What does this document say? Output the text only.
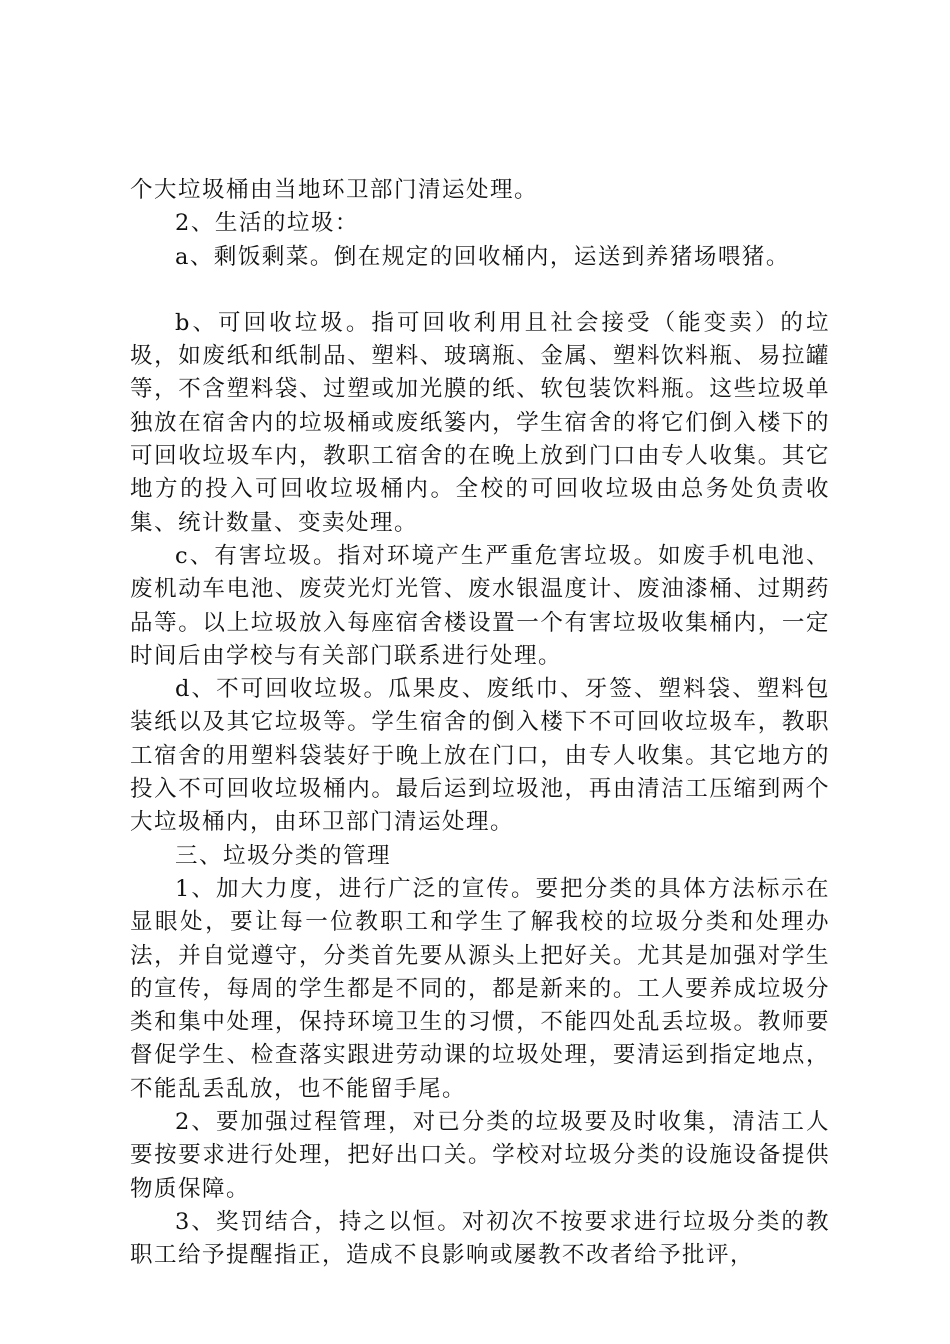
个大垃圾桶由当地环卫部门清运处理。

2、生活的垃圾：

a、剩饭剩菜。倒在规定的回收桶内，运送到养猪场喂猪。

b、可回收垃圾。指可回收利用且社会接受（能变卖）的垃圾，如废纸和纸制品、塑料、玻璃瓶、金属、塑料饮料瓶、易拉罐等，不含塑料袋、过塑或加光膜的纸、软包装饮料瓶。这些垃圾单独放在宿舍内的垃圾桶或废纸篓内，学生宿舍的将它们倒入楼下的可回收垃圾车内，教职工宿舍的在晚上放到门口由专人收集。其它地方的投入可回收垃圾桶内。全校的可回收垃圾由总务处负责收集、统计数量、变卖处理。

c、有害垃圾。指对环境产生严重危害垃圾。如废手机电池、废机动车电池、废荧光灯光管、废水银温度计、废油漆桶、过期药品等。以上垃圾放入每座宿舍楼设置一个有害垃圾收集桶内，一定时间后由学校与有关部门联系进行处理。

d、不可回收垃圾。瓜果皮、废纸巾、牙签、塑料袋、塑料包装纸以及其它垃圾等。学生宿舍的倒入楼下不可回收垃圾车，教职工宿舍的用塑料袋装好于晚上放在门口，由专人收集。其它地方的投入不可回收垃圾桶内。最后运到垃圾池，再由清洁工压缩到两个大垃圾桶内，由环卫部门清运处理。

三、垃圾分类的管理

1、加大力度，进行广泛的宣传。要把分类的具体方法标示在显眼处，要让每一位教职工和学生了解我校的垃圾分类和处理办法，并自觉遵守，分类首先要从源头上把好关。尤其是加强对学生的宣传，每周的学生都是不同的，都是新来的。工人要养成垃圾分类和集中处理，保持环境卫生的习惯，不能四处乱丢垃圾。教师要督促学生、检查落实跟进劳动课的垃圾处理，要清运到指定地点，不能乱丢乱放，也不能留手尾。

2、要加强过程管理，对已分类的垃圾要及时收集，清洁工人要按要求进行处理，把好出口关。学校对垃圾分类的设施设备提供物质保障。

3、奖罚结合，持之以恒。对初次不按要求进行垃圾分类的教职工给予提醒指正，造成不良影响或屡教不改者给予批评，
